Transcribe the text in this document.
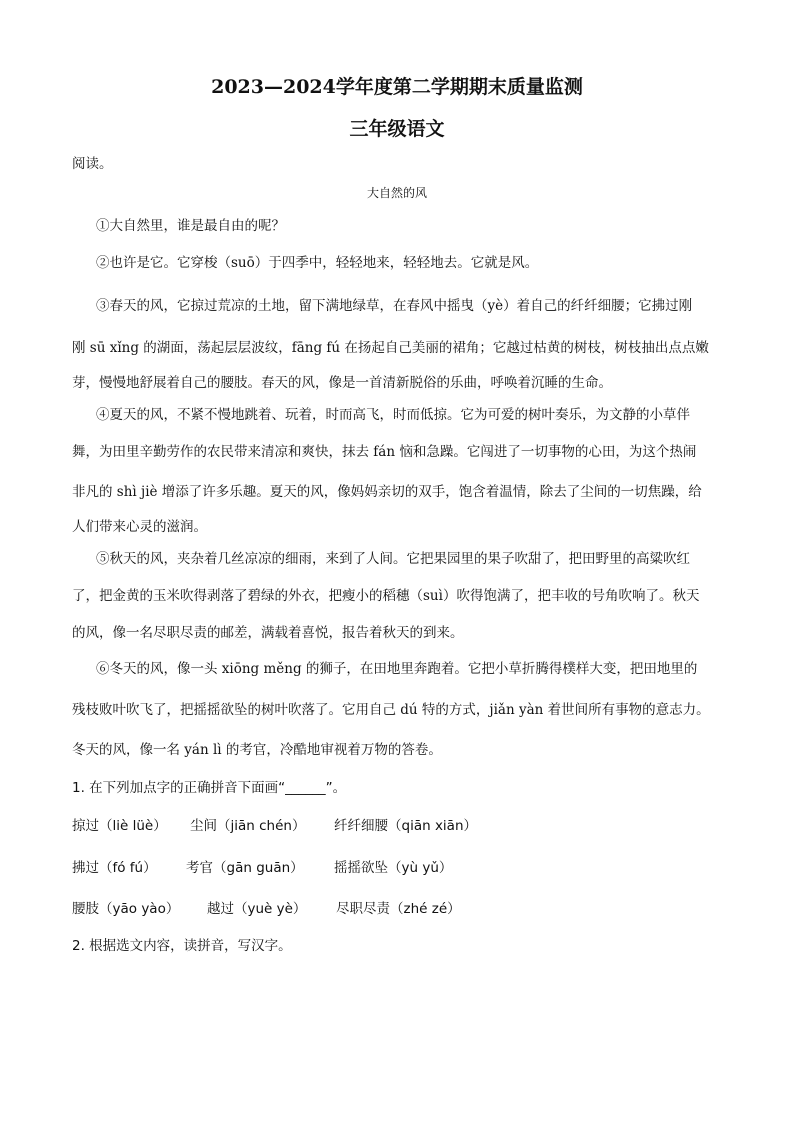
2023—2024学年度第二学期期末质量监测
三年级语文
阅读。
大自然的风
①大自然里，谁是最自由的呢？
②也许是它。它穿梭（suō）于四季中，轻轻地来，轻轻地去。它就是风。
③春天的风，它掠过荒凉的土地，留下满地绿草，在春风中摇曳（yè）着自己的纤纤细腰；它拂过刚
刚 sū xǐng 的湖面，荡起层层波纹，fāng fú 在扬起自己美丽的裙角；它越过枯黄的树枝，树枝抽出点点嫩
芽，慢慢地舒展着自己的腰肢。春天的风，像是一首清新脱俗的乐曲，呼唤着沉睡的生命。
④夏天的风，不紧不慢地跳着、玩着，时而高飞，时而低掠。它为可爱的树叶奏乐，为文静的小草伴
舞，为田里辛勤劳作的农民带来清凉和爽快，抹去 fán 恼和急躁。它闯进了一切事物的心田，为这个热闹
非凡的 shì jiè 增添了许多乐趣。夏天的风，像妈妈亲切的双手，饱含着温情，除去了尘间的一切焦躁，给
人们带来心灵的滋润。
⑤秋天的风，夹杂着几丝凉凉的细雨，来到了人间。它把果园里的果子吹甜了，把田野里的高粱吹红
了，把金黄的玉米吹得剥落了碧绿的外衣，把瘦小的稻穗（suì）吹得饱满了，把丰收的号角吹响了。秋天
的风，像一名尽职尽责的邮差，满载着喜悦，报告着秋天的到来。
⑥冬天的风，像一头 xiōng měng 的狮子，在田地里奔跑着。它把小草折腾得樸样大变，把田地里的
残枝败叶吹飞了，把摇摇欲坠的树叶吹落了。它用自己 dú 特的方式，jiǎn yàn 着世间所有事物的意志力。
冬天的风，像一名 yán lì 的考官，冷酷地审视着万物的答卷。
1. 在下列加点字的正确拼音下面画“______”。
掠过（liè lüè） 尘间（jiān chén） 纤纤细腰（qiān xiān）
拂过（fó fú） 考官（gān guān） 摇摇欲坠（yù yǔ）
腰肢（yāo yào） 越过（yuè yè） 尽职尽责（zhé zé）
2. 根据选文内容，读拼音，写汉字。
